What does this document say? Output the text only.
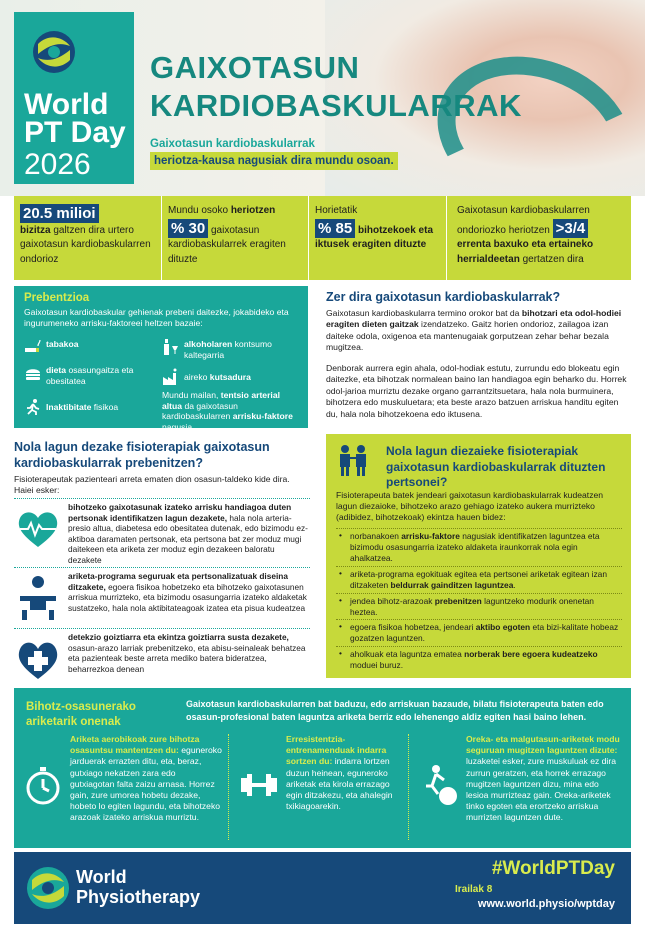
World
PT Day
2026
GAIXOTASUN
KARDIOBASKULARRAK
Gaixotasun kardiobaskularrak
heriotza-kausa nagusiak dira mundu osoan.
20.5 milioi
bizitza galtzen dira urtero gaixotasun kardiobaskularren ondorioz
Mundu osoko heriotzen
% 30 gaixotasun kardiobaskularrek eragiten dituzte
Horietatik
% 85 bihotzekoek eta iktusek eragiten dituzte
Gaixotasun kardiobaskularren ondoriozko heriotzen >3/4
errenta baxuko eta ertaineko herrialdeetan gertatzen dira
Prebentzioa
Gaixotasun kardiobaskular gehienak prebeni daitezke, jokabideko eta ingurumeneko arrisku-faktoreei heltzen bazaie:
tabakoa
dieta osasungaitza eta obesitatea
Inaktibitate fisikoa
alkoholaren kontsumo kaltegarria
aireko kutsadura
Mundu mailan, tentsio arterial altua da gaixotasun kardiobaskularren arrisku-faktore nagusia.
Nola lagun dezake fisioterapiak gaixotasun kardiobaskularrak prebenitzen?
Fisioterapeutak pazienteari arreta ematen dion osasun-taldeko kide dira. Haiei esker:
bihotzeko gaixotasunak izateko arrisku handiagoa duten pertsonak identifikatzen lagun dezakete, hala nola arteria-presio altua, diabetesa edo obesitatea dutenak, edo bizimodu ez-aktiboa daramaten pertsonak, eta pertsona bat zer moduz mugi daitekeen eta ariketa zer moduz egin dezakeen baloratu dezakete
ariketa-programa seguruak eta pertsonalizatuak diseina ditzakete, egoera fisikoa hobetzeko eta bihotzeko gaixotasunen arriskua murrizteko, eta bizimodu osasungarria izateko aldaketak sustatzeko, hala nola aktibitateagoak izatea eta pisua kudeatzea
detekzio goiztiarra eta ekintza goiztiarra susta dezakete, osasun-arazo larriak prebenitzeko, eta abisu-seinaleak behatzea eta pazienteak beste arreta mediko batera bideratzea, beharrezkoa denean
Zer dira gaixotasun kardiobaskularrak?
Gaixotasun kardiobaskularra termino orokor bat da bihotzari eta odol-hodiei eragiten dieten gaitzak izendatzeko. Gaitz horien ondorioz, zailagoa izan daiteke odola, oxigenoa eta mantenugaiak gorputzean zehar behar bezala mugitzea.
Denborak aurrera egin ahala, odol-hodiak estutu, zurrundu edo blokeatu egin daitezke, eta bihotzak normalean baino lan handiagoa egin beharko du. Horrek odol-jarioa murriztu dezake organo garrantzitsuetara, hala nola burmuinera, bihotzera edo muskuluetara; eta beste arazo batzuen arriskua handitu egiten du, hala nola bihotzekoena edo iktusena.
Nola lagun diezaieke fisioterapiak gaixotasun kardiobaskularrak dituzten pertsonei?
Fisioterapeuta batek jendeari gaixotasun kardiobaskularrak kudeatzen lagun diezaioke, bihotzeko arazo gehiago izateko aukera murrizteko (adibidez, bihotzekoak) ekintza hauen bidez:
• norbanakoen arrisku-faktore nagusiak identifikatzen laguntzea eta bizimodu osasungarria izateko aldaketa iraunkorrak nola egin ahalkatzea.
• ariketa-programa egokituak egitea eta pertsonei ariketak egitean izan ditzaketen beldurrak gainditzen laguntzea.
• jendea bihotz-arazoak prebenitzen laguntzeko modurik onenetan heztea.
• egoera fisikoa hobetzea, jendeari aktibo egoten eta bizi-kalitate hobeaz gozatzen laguntzen.
• aholkuak eta laguntza ematea norberak bere egoera kudeatzeko moduei buruz.
Bihotz-osasunerako ariketarik onenak
Gaixotasun kardiobaskularren bat baduzu, edo arriskuan bazaude, bilatu fisioterapeuta baten edo osasun-profesional baten laguntza ariketa berriz edo lehenengo aldiz egiten hasi baino lehen.
Ariketa aerobikoak zure bihotza osasuntsu mantentzen du: eguneroko jarduerak errazten ditu, eta, beraz, gutxiago nekatzen zara edo gutxiagotan falta zaizu arnasa. Horrez gain, zure umorea hobetu dezake, hobeto lo egiten lagundu, eta bihotzeko arazoak izateko arriskua murriztu.
Erresistentzia-entrenamenduak indarra sortzen du: indarra lortzen duzun heinean, eguneroko ariketak eta kirola errazago egin ditzakezu, eta ahalegin txikiagoarekin.
Oreka- eta malgutasun-ariketek modu seguruan mugitzen laguntzen dizute: luzaketei esker, zure muskuluak ez dira zurrun geratzen, eta horrek errazago mugitzen laguntzen dizu, mina edo lesioa murrizteaz gain. Oreka-ariketek tinko egoten eta erortzeko arriskua murrizten laguntzen dute.
World
Physiotherapy
#WorldPTDay
Irailak 8
www.world.physio/wptday
